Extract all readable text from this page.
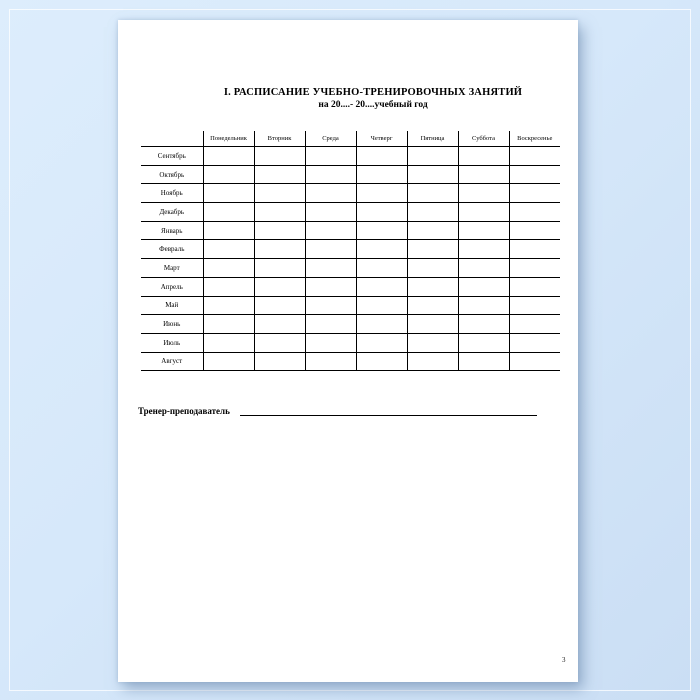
I. РАСПИСАНИЕ УЧЕБНО-ТРЕНИРОВОЧНЫХ ЗАНЯТИЙ
на 20....- 20....учебный год
	Понедельник	Вторник	Среда	Четверг	Пятница	Суббота	Воскресенье
Сентябрь							
Октябрь							
Ноябрь							
Декабрь							
Январь							
Февраль							
Март							
Апрель							
Май							
Июнь							
Июль							
Август							
Тренер-преподаватель
3
